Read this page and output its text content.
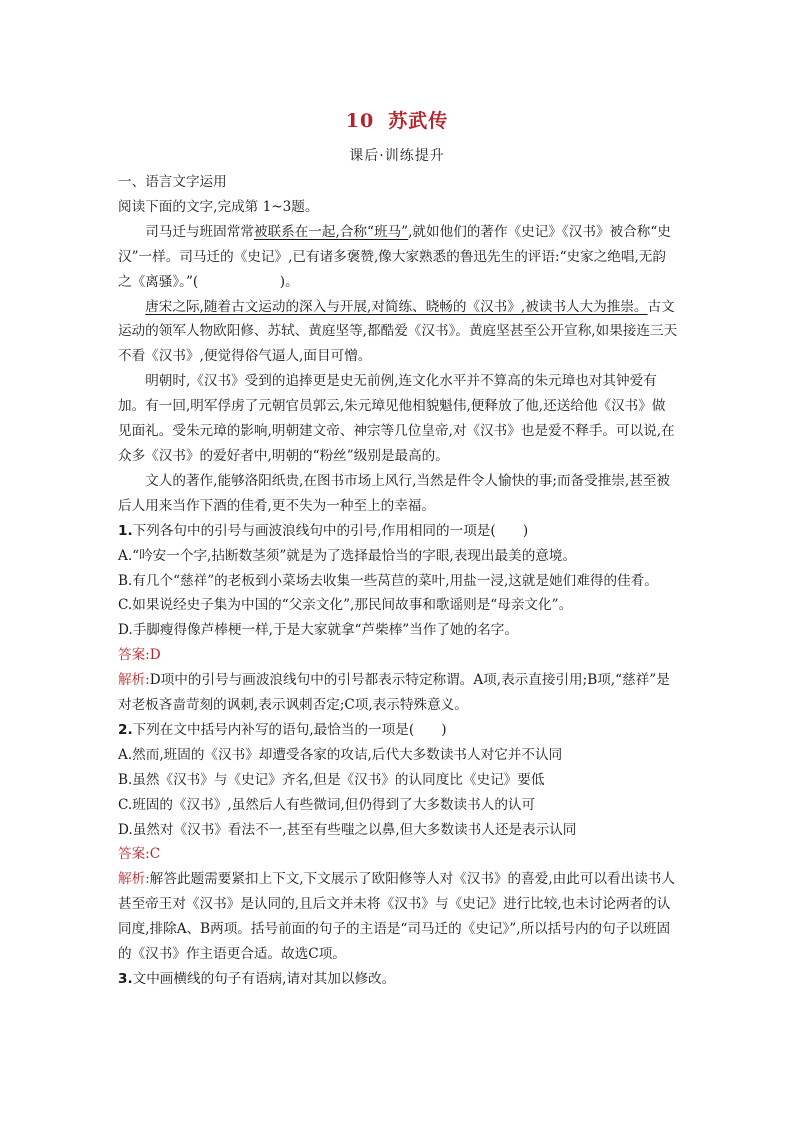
10 苏武传
课后·训练提升

一、语言文字运用

阅读下面的文字,完成第 1~3题。

司马迁与班固常常被联系在一起,合称“班马”,就如他们的著作《史记》《汉书》被合称“史汉”一样。司马迁的《史记》,已有诸多褒赞,像大家熟悉的鲁迅先生的评语:“史家之绝唱,无韵之《离骚》。”(　　　　　　)。

唐宋之际,随着古文运动的深入与开展,对简练、晓畅的《汉书》,被读书人大为推崇。古文运动的领军人物欧阳修、苏轼、黄庭坚等,都酷爱《汉书》。黄庭坚甚至公开宣称,如果接连三天不看《汉书》,便觉得俗气逼人,面目可憎。

明朝时,《汉书》受到的追捧更是史无前例,连文化水平并不算高的朱元璋也对其钟爱有加。有一回,明军俘虏了元朝官员郭云,朱元璋见他相貌魁伟,便释放了他,还送给他《汉书》做见面礼。受朱元璋的影响,明朝建文帝、神宗等几位皇帝,对《汉书》也是爱不释手。可以说,在众多《汉书》的爱好者中,明朝的“粉丝”级别是最高的。

文人的著作,能够洛阳纸贵,在图书市场上风行,当然是件令人愉快的事;而备受推崇,甚至被后人用来当作下酒的佳肴,更不失为一种至上的幸福。

1.下列各句中的引号与画波浪线句中的引号,作用相同的一项是(　　)

A.“吟安一个字,拈断数茎须”就是为了选择最恰当的字眼,表现出最美的意境。

B.有几个“慈祥”的老板到小菜场去收集一些莴苣的菜叶,用盐一浸,这就是她们难得的佳肴。

C.如果说经史子集为中国的“父亲文化”,那民间故事和歌谣则是“母亲文化”。

D.手脚瘦得像芦棒梗一样,于是大家就拿“芦柴棒”当作了她的名字。

答案:D

解析:D项中的引号与画波浪线句中的引号都表示特定称谓。A项,表示直接引用;B项,“慈祥”是对老板吝啬苛刻的讽刺,表示讽刺否定;C项,表示特殊意义。

2.下列在文中括号内补写的语句,最恰当的一项是(　　)

A.然而,班固的《汉书》却遭受各家的攻诘,后代大多数读书人对它并不认同

B.虽然《汉书》与《史记》齐名,但是《汉书》的认同度比《史记》要低

C.班固的《汉书》,虽然后人有些微词,但仍得到了大多数读书人的认可

D.虽然对《汉书》看法不一,甚至有些嗤之以鼻,但大多数读书人还是表示认同

答案:C

解析:解答此题需要紧扣上下文,下文展示了欧阳修等人对《汉书》的喜爱,由此可以看出读书人甚至帝王对《汉书》是认同的,且后文并未将《汉书》与《史记》进行比较,也未讨论两者的认同度,排除A、B两项。括号前面的句子的主语是“司马迁的《史记》”,所以括号内的句子以班固的《汉书》作主语更合适。故选C项。

3.文中画横线的句子有语病,请对其加以修改。
